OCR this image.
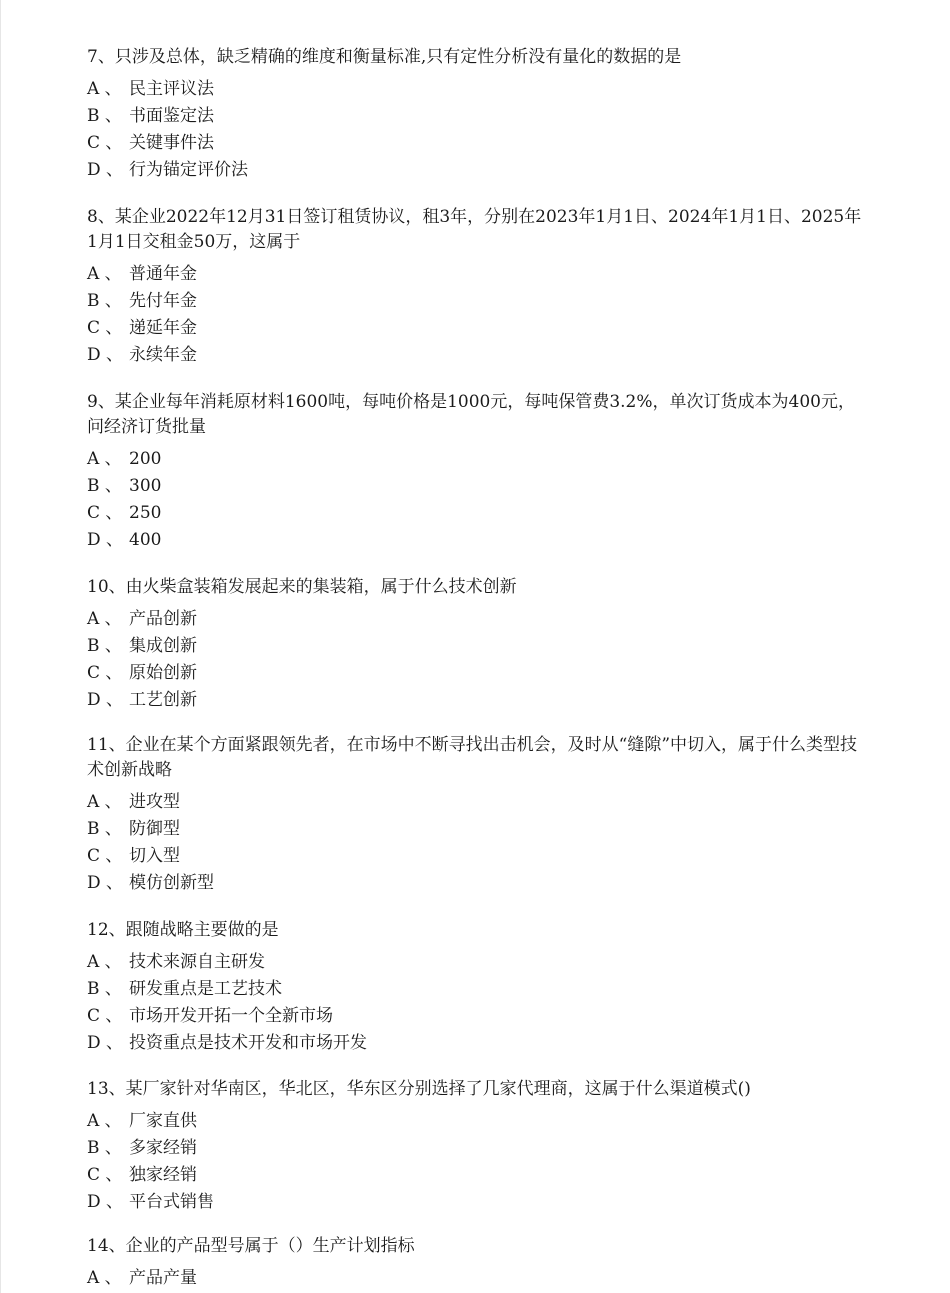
7、只涉及总体，缺乏精确的维度和衡量标准,只有定性分析没有量化的数据的是
A 、 民主评议法
B 、 书面鉴定法
C 、 关键事件法
D 、 行为锚定评价法
8、某企业2022年12月31日签订租赁协议，租3年，分别在2023年1月1日、2024年1月1日、2025年1月1日交租金50万，这属于
A 、 普通年金
B 、 先付年金
C 、 递延年金
D 、 永续年金
9、某企业每年消耗原材料1600吨，每吨价格是1000元，每吨保管费3.2%，单次订货成本为400元，问经济订货批量
A 、 200
B 、 300
C 、 250
D 、 400
10、由火柴盒装箱发展起来的集装箱，属于什么技术创新
A 、 产品创新
B 、 集成创新
C 、 原始创新
D 、 工艺创新
11、企业在某个方面紧跟领先者，在市场中不断寻找出击机会，及时从“缝隙”中切入，属于什么类型技术创新战略
A 、 进攻型
B 、 防御型
C 、 切入型
D 、 模仿创新型
12、跟随战略主要做的是
A 、 技术来源自主研发
B 、 研发重点是工艺技术
C 、 市场开发开拓一个全新市场
D 、 投资重点是技术开发和市场开发
13、某厂家针对华南区，华北区，华东区分别选择了几家代理商，这属于什么渠道模式()
A 、 厂家直供
B 、 多家经销
C 、 独家经销
D 、 平台式销售
14、企业的产品型号属于（）生产计划指标
A 、 产品产量
